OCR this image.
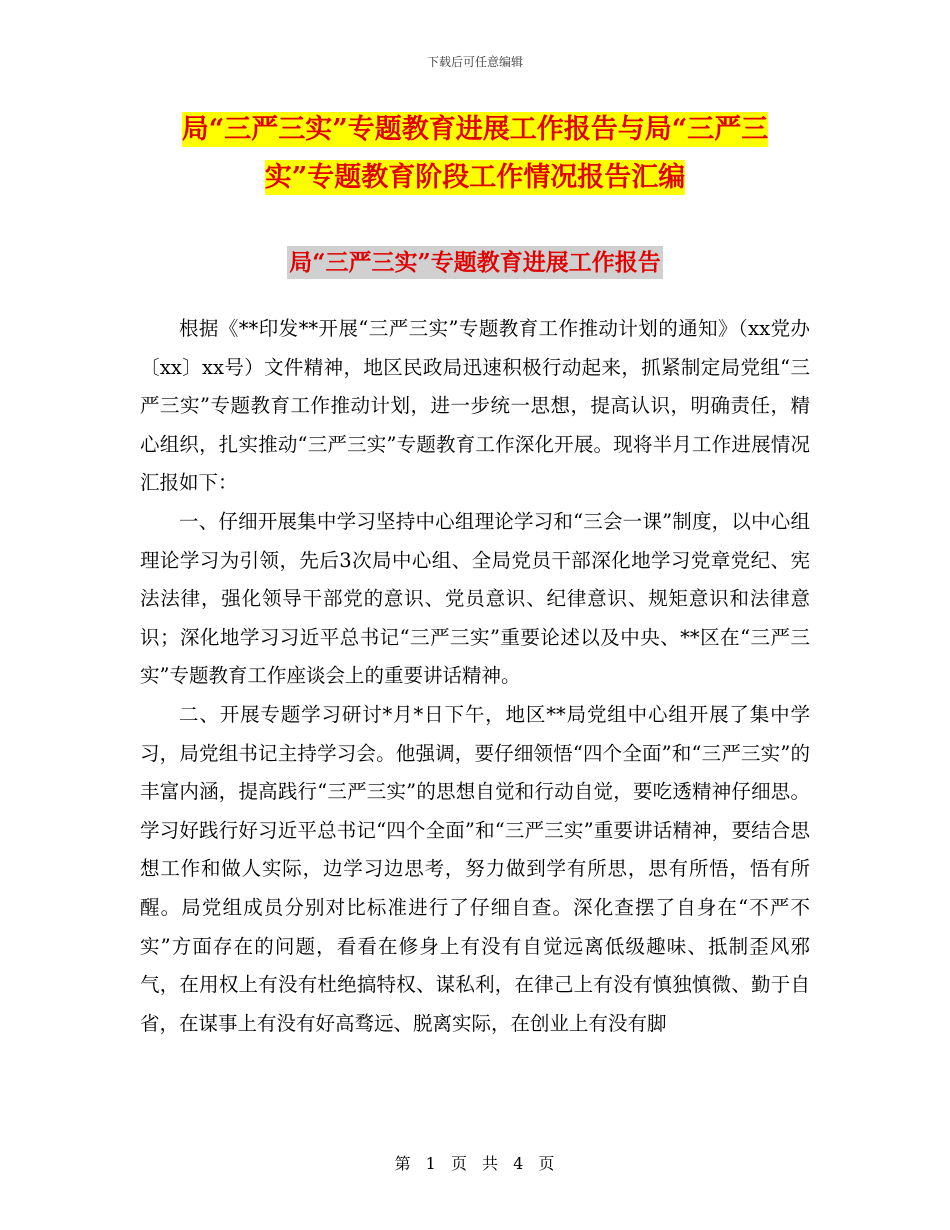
下载后可任意编辑
局“三严三实”专题教育进展工作报告与局“三严三
实”专题教育阶段工作情况报告汇编
局“三严三实”专题教育进展工作报告

根据《**印发**开展“三严三实”专题教育工作推动计划的通知》（xx党办〔xx〕xx号）文件精神，地区民政局迅速积极行动起来，抓紧制定局党组“三严三实”专题教育工作推动计划，进一步统一思想，提高认识，明确责任，精心组织，扎实推动“三严三实”专题教育工作深化开展。现将半月工作进展情况汇报如下：

一、仔细开展集中学习坚持中心组理论学习和“三会一课”制度，以中心组理论学习为引领，先后3次局中心组、全局党员干部深化地学习党章党纪、宪法法律，强化领导干部党的意识、党员意识、纪律意识、规矩意识和法律意识；深化地学习习近平总书记“三严三实”重要论述以及中央、**区在“三严三实”专题教育工作座谈会上的重要讲话精神。

二、开展专题学习研讨*月*日下午，地区**局党组中心组开展了集中学习，局党组书记主持学习会。他强调，要仔细领悟“四个全面”和“三严三实”的丰富内涵，提高践行“三严三实”的思想自觉和行动自觉，要吃透精神仔细思。学习好践行好习近平总书记“四个全面”和“三严三实”重要讲话精神，要结合思想工作和做人实际，边学习边思考，努力做到学有所思，思有所悟，悟有所醒。局党组成员分别对比标准进行了仔细自查。深化查摆了自身在“不严不实”方面存在的问题，看看在修身上有没有自觉远离低级趣味、抵制歪风邪气，在用权上有没有杜绝搞特权、谋私利，在律己上有没有慎独慎微、勤于自省，在谋事上有没有好高骛远、脱离实际，在创业上有没有脚

第 1 页 共 4 页
